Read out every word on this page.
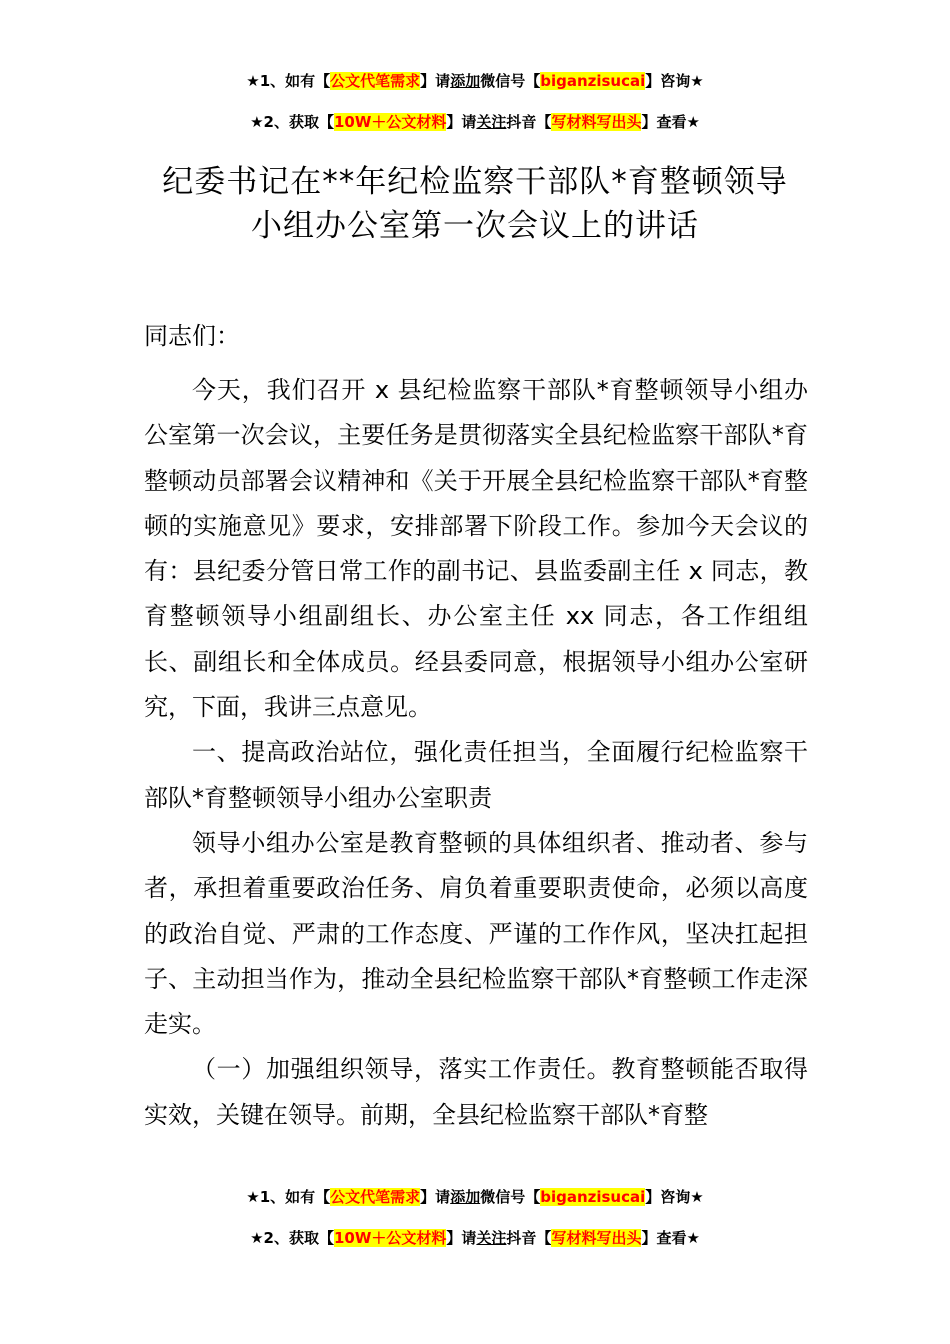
★1、如有【公文代笔需求】请添加微信号【biganzisucai】咨询★
★2、获取【10W＋公文材料】请关注抖音【写材料写出头】查看★
纪委书记在**年纪检监察干部队*育整顿领导
小组办公室第一次会议上的讲话
同志们：

今天，我们召开 x 县纪检监察干部队*育整顿领导小组办公室第一次会议，主要任务是贯彻落实全县纪检监察干部队*育整顿动员部署会议精神和《关于开展全县纪检监察干部队*育整顿的实施意见》要求，安排部署下阶段工作。参加今天会议的有：县纪委分管日常工作的副书记、县监委副主任 x 同志，教育整顿领导小组副组长、办公室主任 xx 同志，各工作组组长、副组长和全体成员。经县委同意，根据领导小组办公室研究，下面，我讲三点意见。

一、提高政治站位，强化责任担当，全面履行纪检监察干部队*育整顿领导小组办公室职责

领导小组办公室是教育整顿的具体组织者、推动者、参与者，承担着重要政治任务、肩负着重要职责使命，必须以高度的政治自觉、严肃的工作态度、严谨的工作作风，坚决扛起担子、主动担当作为，推动全县纪检监察干部队*育整顿工作走深走实。

（一）加强组织领导，落实工作责任。教育整顿能否取得实效，关键在领导。前期，全县纪检监察干部队*育整

★1、如有【公文代笔需求】请添加微信号【biganzisucai】咨询★
★2、获取【10W＋公文材料】请关注抖音【写材料写出头】查看★
